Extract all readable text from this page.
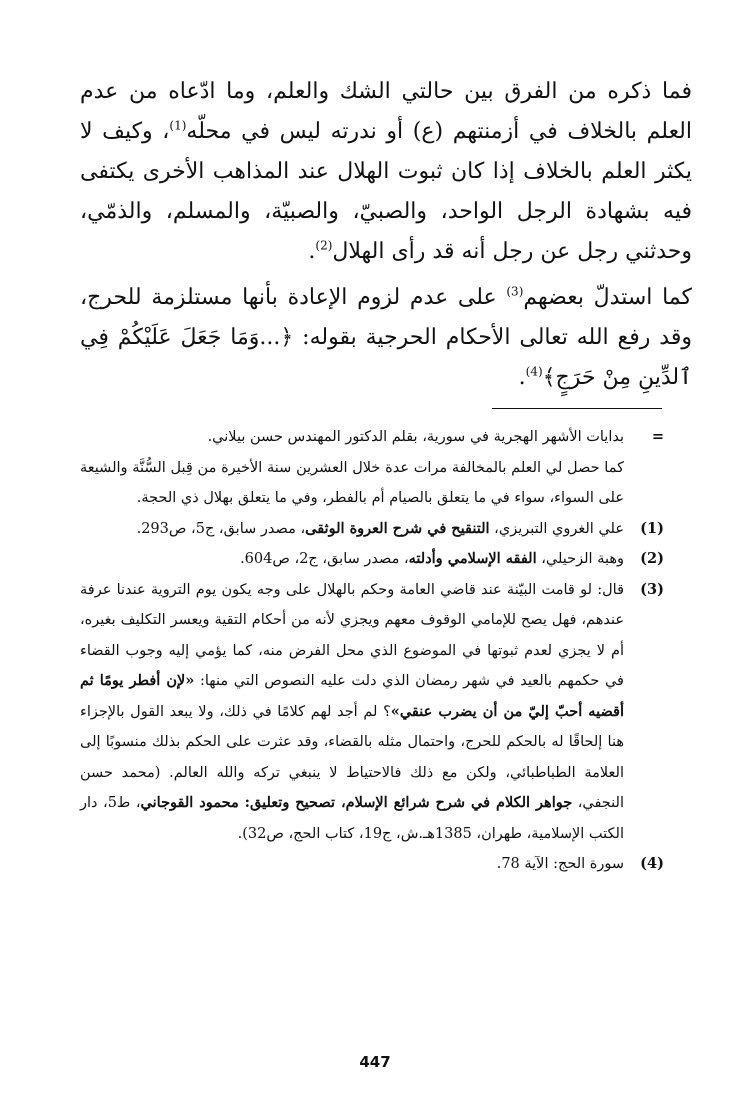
فما ذكره من الفرق بين حالتي الشك والعلم، وما ادّعاه من عدم العلم بالخلاف في أزمنتهم (ع) أو ندرته ليس في محلّه$^{(1)}$، وكيف لا يكثر العلم بالخلاف إذا كان ثبوت الهلال عند المذاهب الأخرى يكتفى فيه بشهادة الرجل الواحد، والصبيّ، والصبيّة، والمسلم، والذمّي، وحدثني رجل عن رجل أنه قد رأى الهلال$^{(2)}$.

كما استدلّ بعضهم$^{(3)}$ على عدم لزوم الإعادة بأنها مستلزمة للحرج، وقد رفع الله تعالى الأحكام الحرجية بقوله: ﴿...وَمَا جَعَلَ عَلَيْكُمْ فِي ٱلدِّينِ مِنْ حَرَجٍ﴾$^{(4)}$.

=

بدايات الأشهر الهجرية في سورية، بقلم الدكتور المهندس حسن بيلاني.

كما حصل لي العلم بالمخالفة مرات عدة خلال العشرين سنة الأخيرة من قِبل السُّنَّة والشيعة على السواء، سواء في ما يتعلق بالصيام أم بالفطر، وفي ما يتعلق بهلال ذي الحجة.

(1)

علي الغروي التبريزي، التنقيح في شرح العروة الوثقى، مصدر سابق، ج5، ص293.

(2)

وهبة الزحيلي، الفقه الإسلامي وأدلته، مصدر سابق، ج2، ص604.

(3)

قال: لو قامت البيّنة عند قاضي العامة وحكم بالهلال على وجه يكون يوم التروية عندنا عرفة عندهم، فهل يصح للإمامي الوقوف معهم ويجزي لأنه من أحكام التقية ويعسر التكليف بغيره، أم لا يجزي لعدم ثبوتها في الموضوع الذي محل الفرض منه، كما يؤمي إليه وجوب القضاء في حكمهم بالعيد في شهر رمضان الذي دلت عليه النصوص التي منها: «لإن أفطر يومًا ثم أقضيه أحبّ إليّ من أن يضرب عنقي»؟ لم أجد لهم كلامًا في ذلك، ولا يبعد القول بالإجزاء هنا إلحاقًا له بالحكم للحرج، واحتمال مثله بالقضاء، وقد عثرت على الحكم بذلك منسوبًا إلى العلامة الطباطبائي، ولكن مع ذلك فالاحتياط لا ينبغي تركه والله العالم. (محمد حسن النجفي، جواهر الكلام في شرح شرائع الإسلام، تصحيح وتعليق: محمود القوجاني، ط5، دار الكتب الإسلامية، طهران، 1385هـ.ش، ج19، كتاب الحج، ص32).

(4)

سورة الحج: الآية 78.

447
